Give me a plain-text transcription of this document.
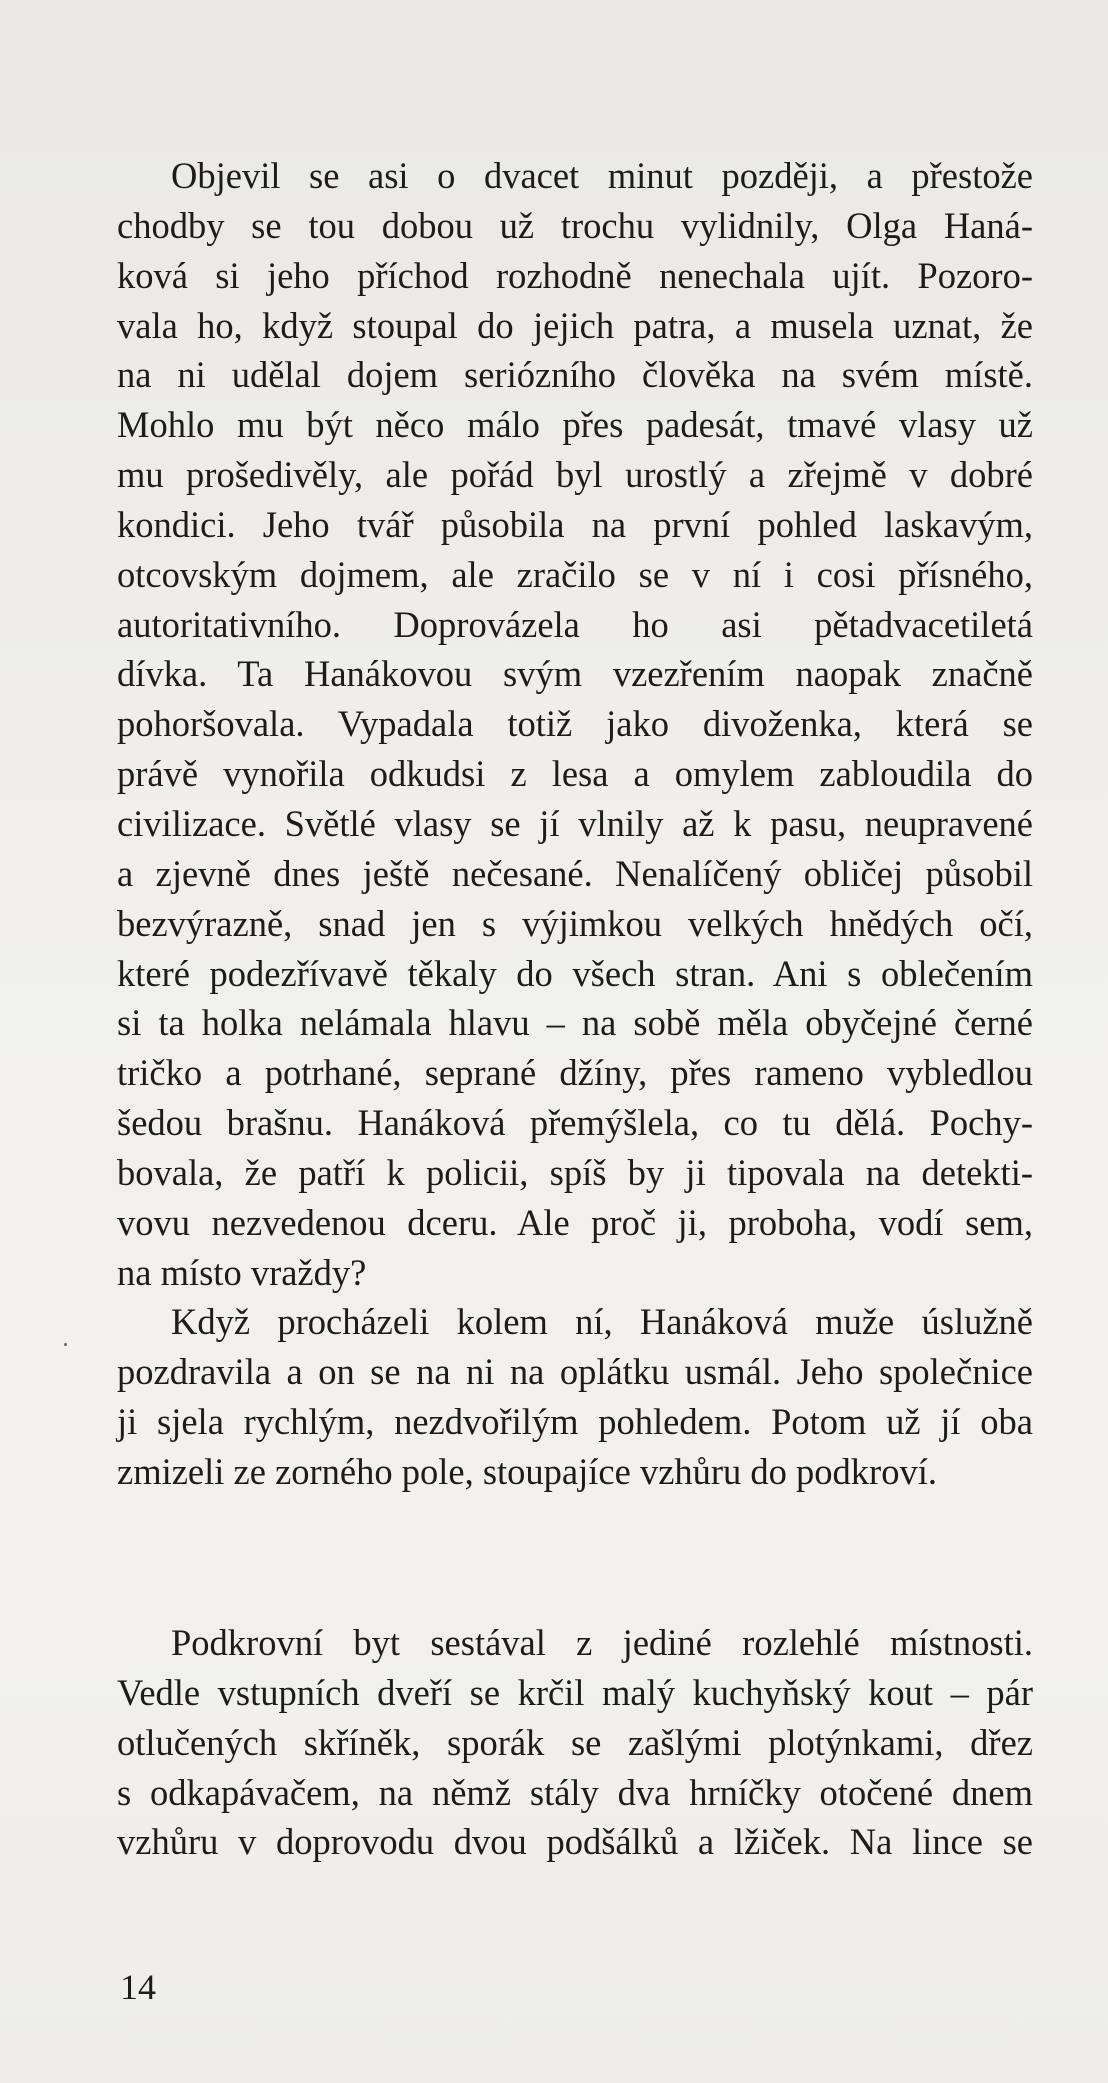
Objevil se asi o dvacet minut později, a přestože
chodby se tou dobou už trochu vylidnily, Olga Haná-
ková si jeho příchod rozhodně nenechala ujít. Pozoro-
vala ho, když stoupal do jejich patra, a musela uznat, že
na ni udělal dojem seriózního člověka na svém místě.
Mohlo mu být něco málo přes padesát, tmavé vlasy už
mu prošedivěly, ale pořád byl urostlý a zřejmě v dobré
kondici. Jeho tvář působila na první pohled laskavým,
otcovským dojmem, ale zračilo se v ní i cosi přísného,
autoritativního. Doprovázela ho asi pětadvacetiletá
dívka. Ta Hanákovou svým vzezřením naopak značně
pohoršovala. Vypadala totiž jako divoženka, která se
právě vynořila odkudsi z lesa a omylem zabloudila do
civilizace. Světlé vlasy se jí vlnily až k pasu, neupravené
a zjevně dnes ještě nečesané. Nenalíčený obličej působil
bezvýrazně, snad jen s výjimkou velkých hnědých očí,
které podezřívavě těkaly do všech stran. Ani s oblečením
si ta holka nelámala hlavu – na sobě měla obyčejné černé
tričko a potrhané, seprané džíny, přes rameno vybledlou
šedou brašnu. Hanáková přemýšlela, co tu dělá. Pochy-
bovala, že patří k policii, spíš by ji tipovala na detekti-
vovu nezvedenou dceru. Ale proč ji, proboha, vodí sem,
na místo vraždy?
Když procházeli kolem ní, Hanáková muže úslužně
pozdravila a on se na ni na oplátku usmál. Jeho společnice
ji sjela rychlým, nezdvořilým pohledem. Potom už jí oba
zmizeli ze zorného pole, stoupajíce vzhůru do podkroví.
Podkrovní byt sestával z jediné rozlehlé místnosti.
Vedle vstupních dveří se krčil malý kuchyňský kout – pár
otlučených skříněk, sporák se zašlými plotýnkami, dřez
s odkapávačem, na němž stály dva hrníčky otočené dnem
vzhůru v doprovodu dvou podšálků a lžiček. Na lince se
14
